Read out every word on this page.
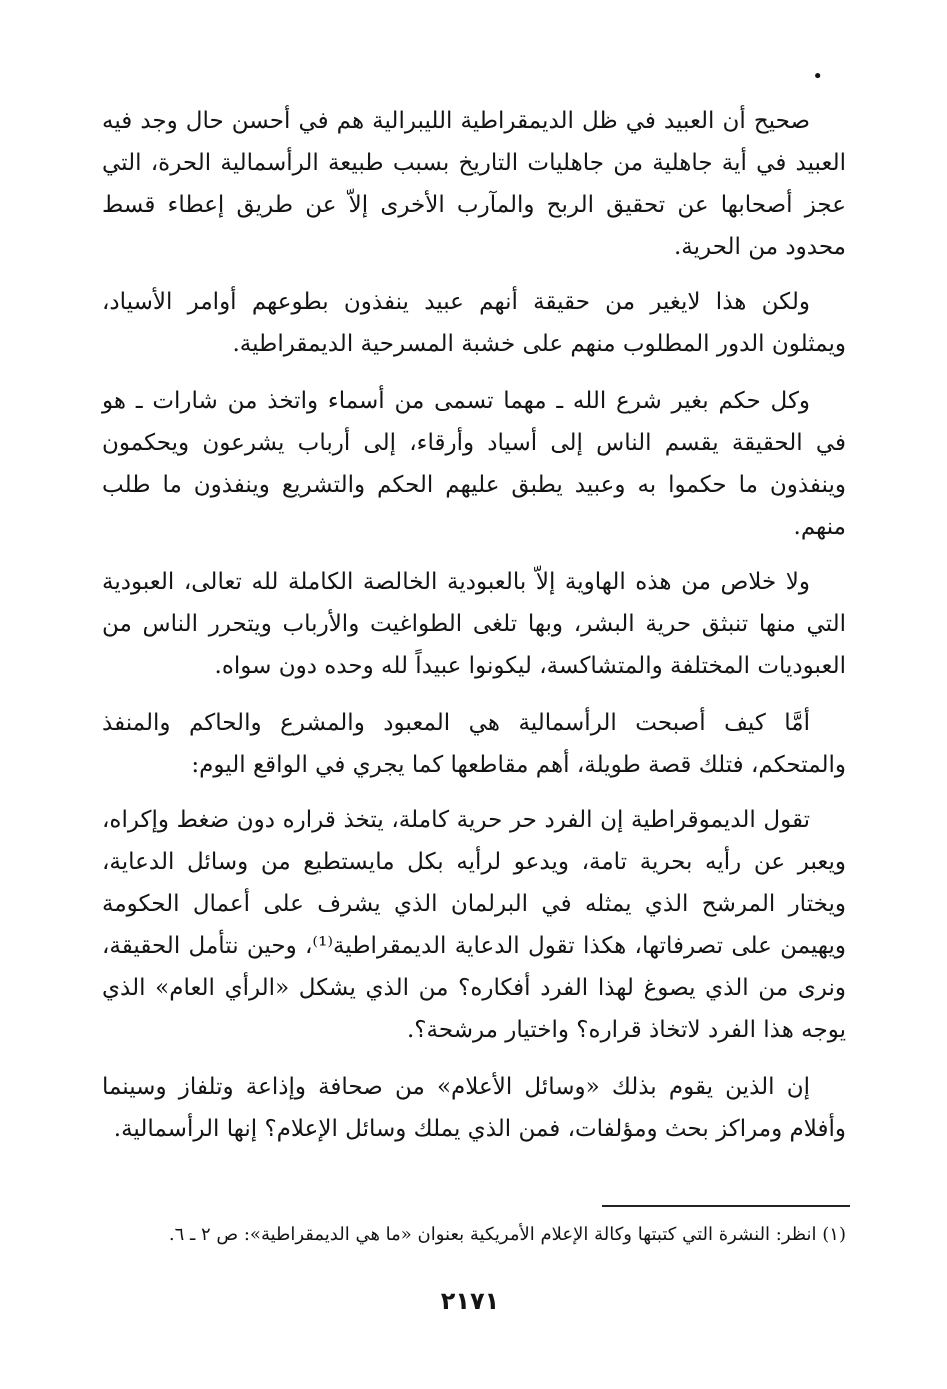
•

صحيح أن العبيد في ظل الديمقراطية الليبرالية هم في أحسن حال وجد فيه العبيد في أية جاهلية من جاهليات التاريخ بسبب طبيعة الرأسمالية الحرة، التي عجز أصحابها عن تحقيق الربح والمآرب الأخرى إلاّ عن طريق إعطاء قسط محدود من الحرية.

ولكن هذا لايغير من حقيقة أنهم عبيد ينفذون بطوعهم أوامر الأسياد، ويمثلون الدور المطلوب منهم على خشبة المسرحية الديمقراطية.

وكل حكم بغير شرع الله ـ مهما تسمى من أسماء واتخذ من شارات ـ هو في الحقيقة يقسم الناس إلى أسياد وأرقاء، إلى أرباب يشرعون ويحكمون وينفذون ما حكموا به وعبيد يطبق عليهم الحكم والتشريع وينفذون ما طلب منهم.

ولا خلاص من هذه الهاوية إلاّ بالعبودية الخالصة الكاملة لله تعالى، العبودية التي منها تنبثق حرية البشر، وبها تلغى الطواغيت والأرباب ويتحرر الناس من العبوديات المختلفة والمتشاكسة، ليكونوا عبيداً لله وحده دون سواه.

أمَّا كيف أصبحت الرأسمالية هي المعبود والمشرع والحاكم والمنفذ والمتحكم، فتلك قصة طويلة، أهم مقاطعها كما يجري في الواقع اليوم:

تقول الديموقراطية إن الفرد حر حرية كاملة، يتخذ قراره دون ضغط وإكراه، ويعبر عن رأيه بحرية تامة، ويدعو لرأيه بكل مايستطيع من وسائل الدعاية، ويختار المرشح الذي يمثله في البرلمان الذي يشرف على أعمال الحكومة ويهيمن على تصرفاتها، هكذا تقول الدعاية الديمقراطية⁽¹⁾، وحين نتأمل الحقيقة، ونرى من الذي يصوغ لهذا الفرد أفكاره؟ من الذي يشكل «الرأي العام» الذي يوجه هذا الفرد لاتخاذ قراره؟ واختيار مرشحة؟.

إن الذين يقوم بذلك «وسائل الأعلام» من صحافة وإذاعة وتلفاز وسينما وأفلام ومراكز بحث ومؤلفات، فمن الذي يملك وسائل الإعلام؟ إنها الرأسمالية.

(١) انظر: النشرة التي كتبتها وكالة الإعلام الأمريكية بعنوان «ما هي الديمقراطية»: ص ٢ ـ ٦.
٢١٧١
